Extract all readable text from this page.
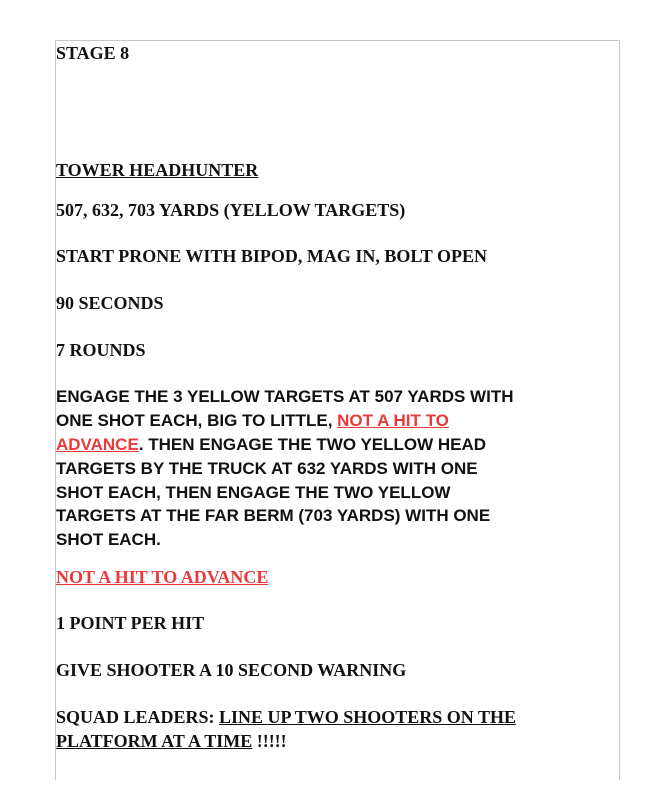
STAGE 8

TOWER HEADHUNTER

507, 632, 703 YARDS (YELLOW TARGETS)

START PRONE WITH BIPOD, MAG IN, BOLT OPEN

90 SECONDS

7 ROUNDS

ENGAGE THE 3 YELLOW TARGETS AT 507 YARDS WITH

ONE SHOT EACH, BIG TO LITTLE, NOT A HIT TO

ADVANCE. THEN ENGAGE THE TWO YELLOW HEAD

TARGETS BY THE TRUCK AT 632 YARDS WITH ONE

SHOT EACH, THEN ENGAGE THE TWO YELLOW

TARGETS AT THE FAR BERM (703 YARDS) WITH ONE

SHOT EACH.

NOT A HIT TO ADVANCE

1 POINT PER HIT

GIVE SHOOTER A 10 SECOND WARNING

SQUAD LEADERS: LINE UP TWO SHOOTERS ON THE

PLATFORM AT A TIME !!!!!
